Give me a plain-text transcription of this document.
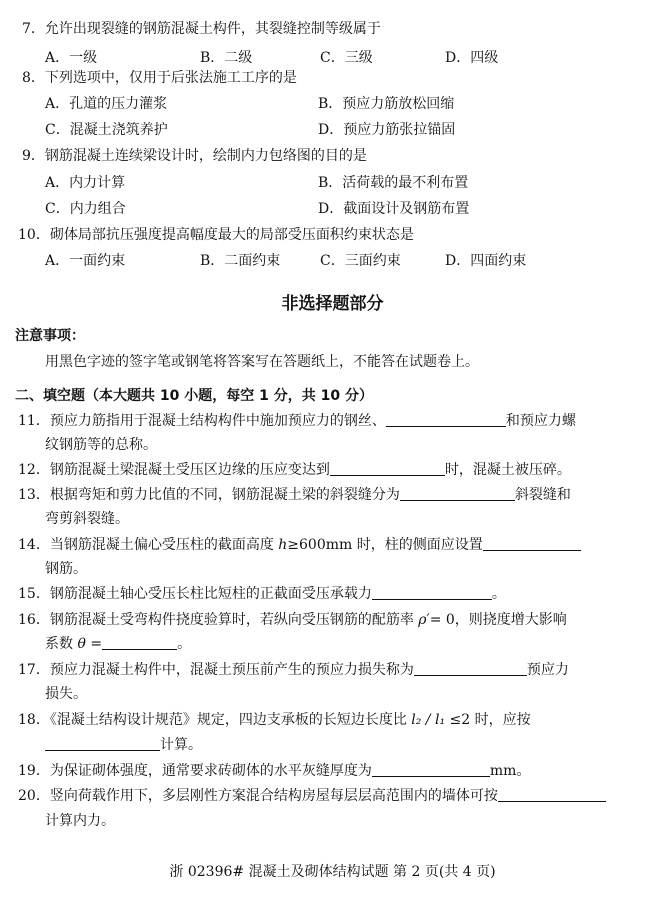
7．允许出现裂缝的钢筋混凝土构件，其裂缝控制等级属于
A．一级	B．二级	C．三级	D．四级
8．下列选项中，仅用于后张法施工工序的是
A．孔道的压力灌浆	B．预应力筋放松回缩
C．混凝土浇筑养护	D．预应力筋张拉锚固
9．钢筋混凝土连续梁设计时，绘制内力包络图的目的是
A．内力计算	B．活荷载的最不利布置
C．内力组合	D．截面设计及钢筋布置
10．砌体局部抗压强度提高幅度最大的局部受压面积约束状态是
A．一面约束	B．二面约束	C．三面约束	D．四面约束
非选择题部分
注意事项：
用黑色字迹的签字笔或钢笔将答案写在答题纸上，不能答在试题卷上。
二、填空题（本大题共 10 小题，每空 1 分，共 10 分）
11．预应力筋指用于混凝土结构构件中施加预应力的钢丝、	和预应力螺
纹钢筋等的总称。
12．钢筋混凝土梁混凝土受压区边缘的压应变达到	时，混凝土被压碎。
13．根据弯矩和剪力比值的不同，钢筋混凝土梁的斜裂缝分为	斜裂缝和
弯剪斜裂缝。
14．当钢筋混凝土偏心受压柱的截面高度 h≥600mm 时，柱的侧面应设置
钢筋。
15．钢筋混凝土轴心受压长柱比短柱的正截面受压承载力	。
16．钢筋混凝土受弯构件挠度验算时，若纵向受压钢筋的配筋率 ρ′= 0，则挠度增大影响
系数 θ =	。
17．预应力混凝土构件中，混凝土预压前产生的预应力损失称为	预应力
损失。
18．《混凝土结构设计规范》规定，四边支承板的长短边长度比 l₂ / l₁ ≤2 时，应按
计算。
19．为保证砌体强度，通常要求砖砌体的水平灰缝厚度为	mm。
20．竖向荷载作用下，多层刚性方案混合结构房屋每层层高范围内的墙体可按
计算内力。
浙 02396# 混凝土及砌体结构试题 第 2 页(共 4 页)
